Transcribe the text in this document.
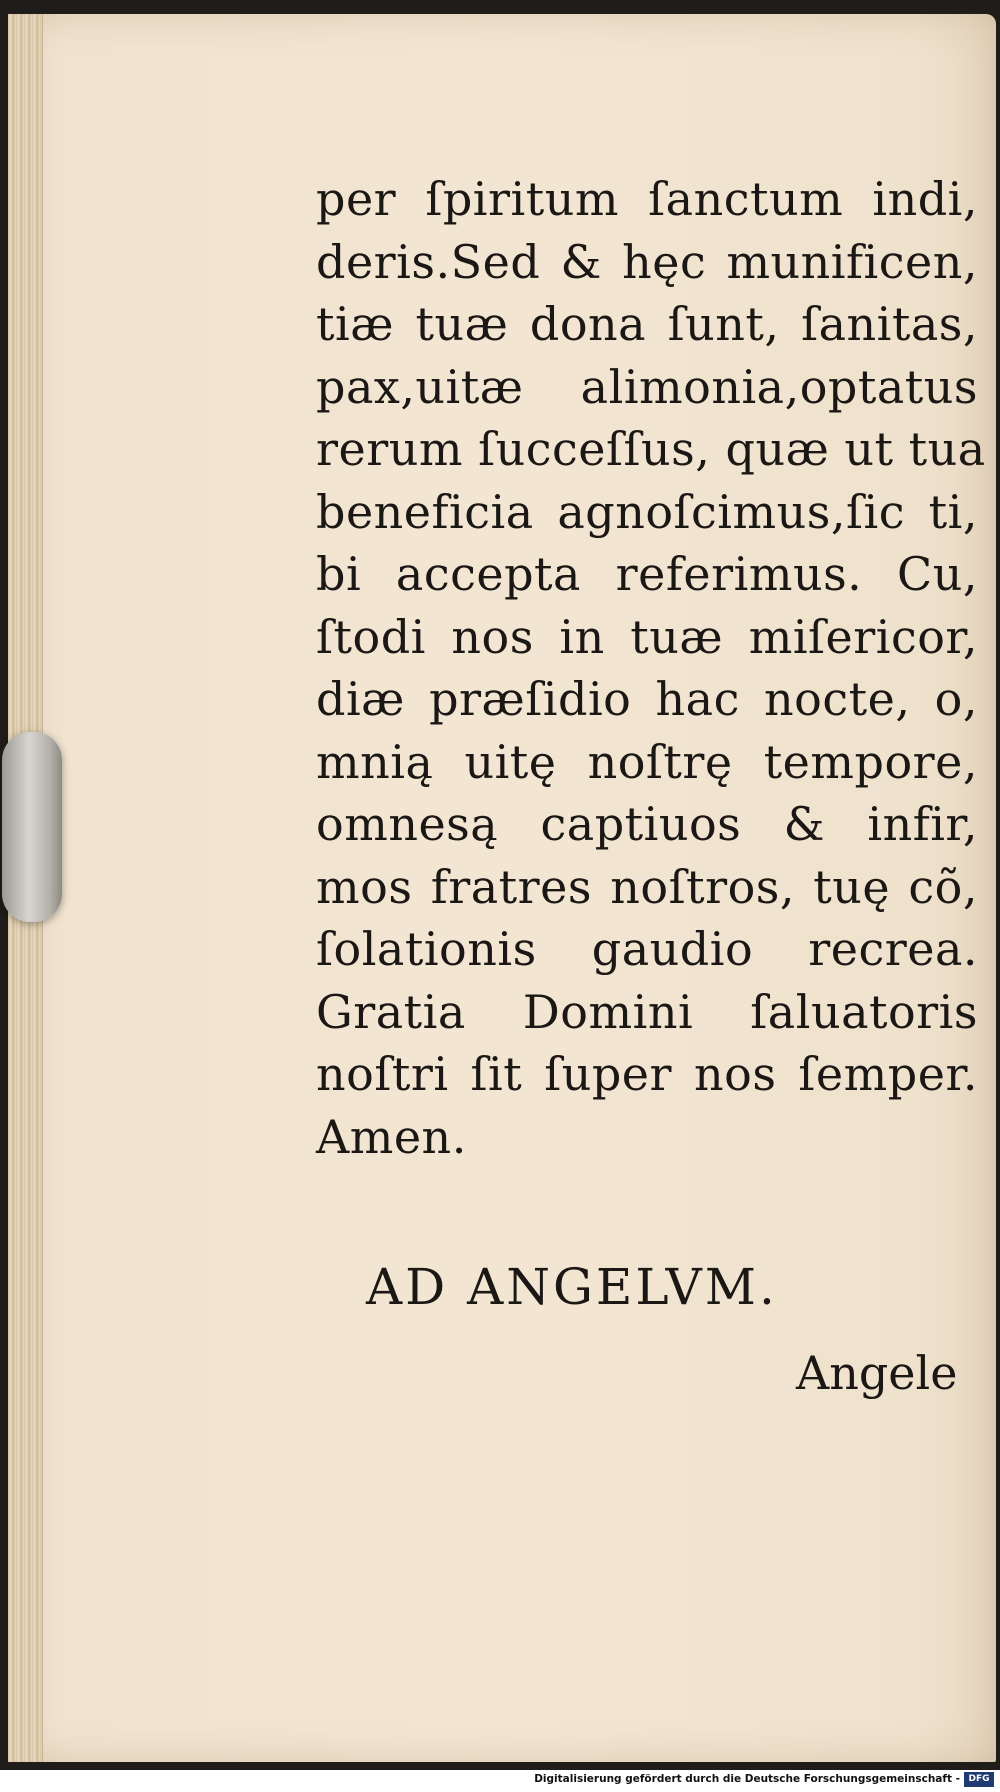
per ſpiritum ſanctum indi,
deris.Sed & hęc munificen,
tiæ tuæ dona ſunt, ſanitas,
pax,uitæ alimonia,optatus
rerum ſucceſſus, quæ ut tua
beneficia agnoſcimus,ſic ti,
bi accepta referimus. Cu,
ſtodi nos in tuæ miſericor,
diæ præſidio hac nocte, o,
mnią uitę noſtrę tempore,
omnesą captiuos & infir,
mos fratres noſtros, tuę cõ,
ſolationis gaudio recrea.
Gratia Domini ſaluatoris
noſtri ſit ſuper nos ſemper.
Amen.
AD ANGELVM.
Angele
Digitalisierung gefördert durch die Deutsche Forschungsgemeinschaft - DFG
